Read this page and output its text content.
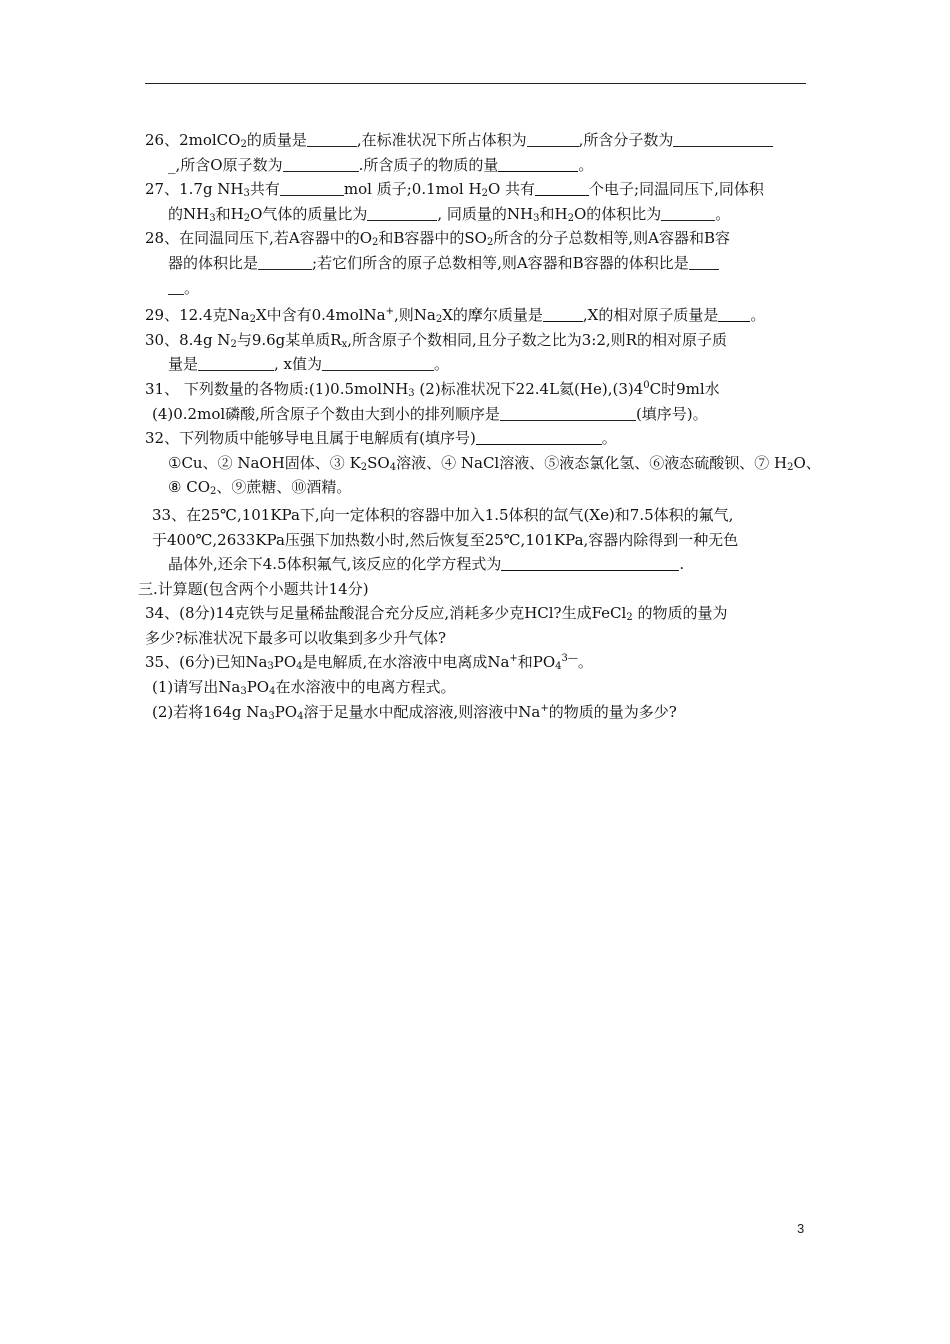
26、2molCO$_2$的质量是	,在标准状况下所占体积为	,所含分子数为
_,所含O原子数为	.所含质子的物质的量	。
27、1.7g $NH_3$共有	mol 质子;0.1mol $H_2O$ 共有	个电子;同温同压下,同体积
的$NH_3$和$H_2O$气体的质量比为	, 同质量的$NH_3$和$H_2O$的体积比为	。
28、在同温同压下,若A容器中的$O_2$和B容器中的$SO_2$所含的分子总数相等,则A容器和B容
器的体积比是	;若它们所含的原子总数相等,则A容器和B容器的体积比是
。
29、12.4克$Na_2X$中含有0.4molNa+,则$Na_2X$的摩尔质量是	,X的相对原子质量是 。
30、8.4g $N_2$与9.6g某单质$R_x$,所含原子个数相同,且分子数之比为3:2,则R的相对原子质
量是	, x值为	。
31、 下列数量的各物质:(1)0.5molNH$_3$ (2)标准状况下22.4L氦$(He),(3)4^0C$时9ml水
(4)0.2mol磷酸,所含原子个数由大到小的排列顺序是	(填序号)。
32、下列物质中能够导电且属于电解质有(填序号)	。
①Cu、② NaOH固体、③ $K_2SO_4$溶液、④ NaCl溶液、⑤液态氯化氢、⑥液态硫酸钡、⑦ $H_2O$、
⑧ $CO_2$、⑨蔗糖、⑩酒精。
33、在25℃,101KPa下,向一定体积的容器中加入1.5体积的氙气(Xe)和7.5体积的氟气,
于400℃,2633KPa压强下加热数小时,然后恢复至25℃,101KPa,容器内除得到一种无色
晶体外,还余下4.5体积氟气,该反应的化学方程式为	.
三.计算题(包含两个小题共计14分)
34、(8分)14克铁与足量稀盐酸混合充分反应,消耗多少克HCl?生成FeCl$_2$ 的物质的量为
多少?标准状况下最多可以收集到多少升气体?
35、(6分)已知$Na_3PO_4$是电解质,在水溶液中电离成Na+和$PO_4^{3—}$。
(1)请写出$Na_3PO_4$在水溶液中的电离方程式。
(2)若将164g $Na_3PO_4$溶于足量水中配成溶液,则溶液中Na+的物质的量为多少?
3
